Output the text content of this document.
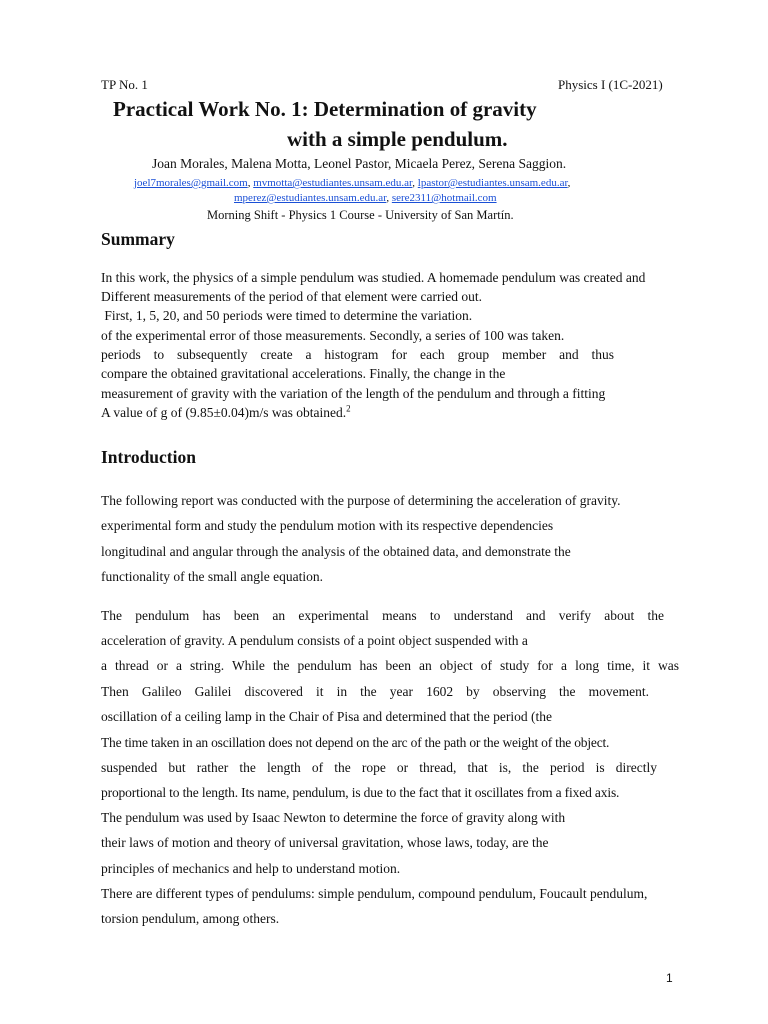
TP No. 1	Physics I (1C-2021)
Practical Work No. 1: Determination of gravity
with a simple pendulum.
Joan Morales, Malena Motta, Leonel Pastor, Micaela Perez, Serena Saggion.
joel7morales@gmail.com, mvmotta@estudiantes.unsam.edu.ar, lpastor@estudiantes.unsam.edu.ar,
mperez@estudiantes.unsam.edu.ar, sere2311@hotmail.com
Morning Shift - Physics 1 Course - University of San Martín.
Summary
In this work, the physics of a simple pendulum was studied. A homemade pendulum was created and
Different measurements of the period of that element were carried out.
First, 1, 5, 20, and 50 periods were timed to determine the variation.
of the experimental error of those measurements. Secondly, a series of 100 was taken.
periods to subsequently create a histogram for each group member and thus
compare the obtained gravitational accelerations. Finally, the change in the
measurement of gravity with the variation of the length of the pendulum and through a fitting
A value of g of (9.85±0.04)m/s was obtained.$^2$
Introduction
The following report was conducted with the purpose of determining the acceleration of gravity.
experimental form and study the pendulum motion with its respective dependencies
longitudinal and angular through the analysis of the obtained data, and demonstrate the
functionality of the small angle equation.
The pendulum has been an experimental means to understand and verify about the
acceleration of gravity. A pendulum consists of a point object suspended with a
a thread or a string. While the pendulum has been an object of study for a long time, it was
Then Galileo Galilei discovered it in the year 1602 by observing the movement.
oscillation of a ceiling lamp in the Chair of Pisa and determined that the period (the
The time taken in an oscillation does not depend on the arc of the path or the weight of the object.
suspended but rather the length of the rope or thread, that is, the period is directly
proportional to the length. Its name, pendulum, is due to the fact that it oscillates from a fixed axis.
The pendulum was used by Isaac Newton to determine the force of gravity along with
their laws of motion and theory of universal gravitation, whose laws, today, are the
principles of mechanics and help to understand motion.
There are different types of pendulums: simple pendulum, compound pendulum, Foucault pendulum,
torsion pendulum, among others.
1
